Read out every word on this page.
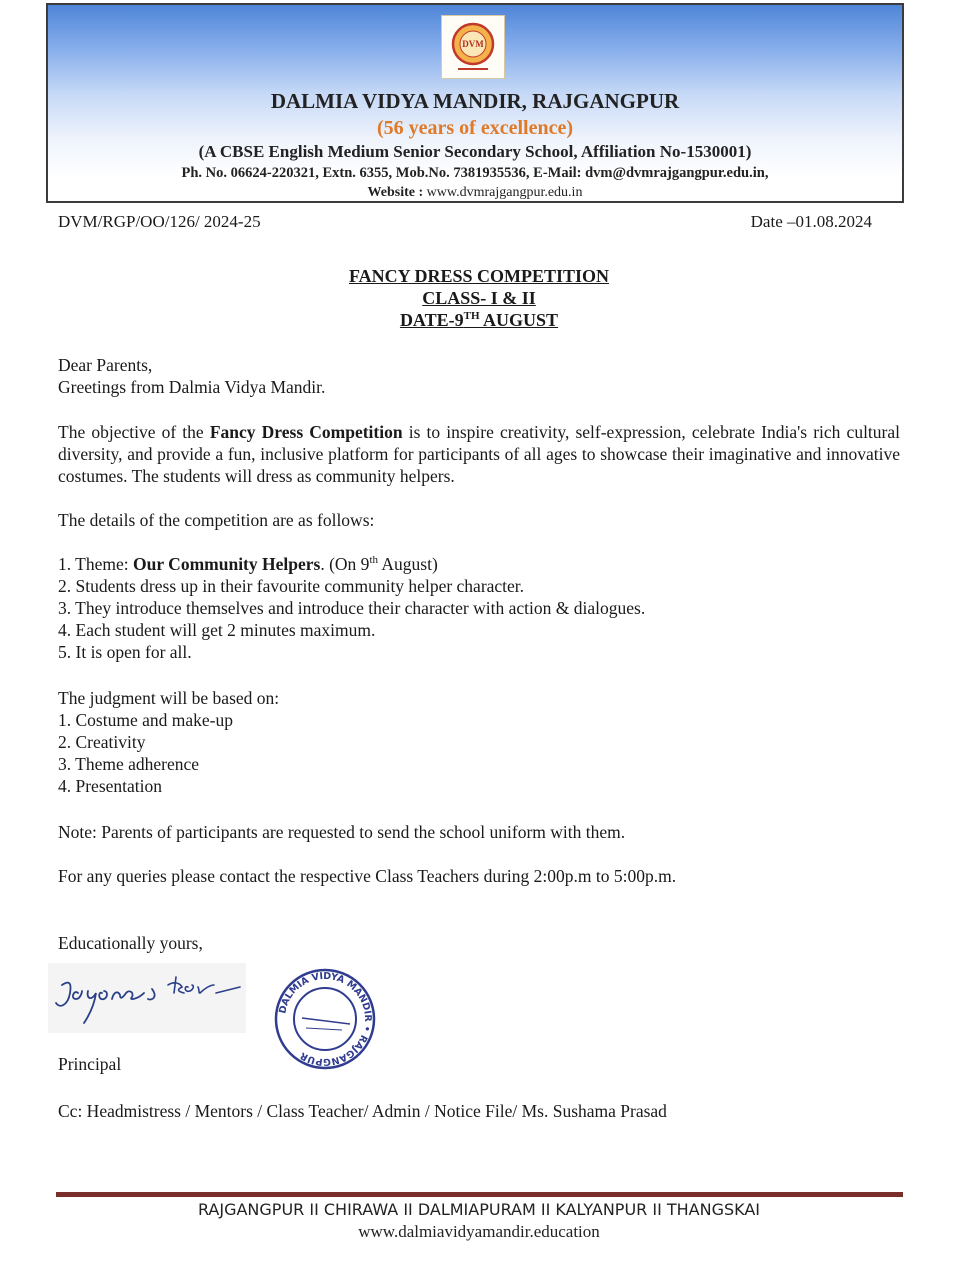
DVM
DALMIA VIDYA MANDIR, RAJGANGPUR
(56 years of excellence)
(A CBSE English Medium Senior Secondary School, Affiliation No-1530001)
Ph. No. 06624-220321, Extn. 6355, Mob.No. 7381935536, E-Mail: dvm@dvmrajgangpur.edu.in,
Website : www.dvmrajgangpur.edu.in
DVM/RGP/OO/126/ 2024-25	Date –01.08.2024
FANCY DRESS COMPETITION
CLASS- I & II
DATE-9TH AUGUST

Dear Parents,

Greetings from Dalmia Vidya Mandir.

The objective of the Fancy Dress Competition is to inspire creativity, self-expression, celebrate India's rich cultural diversity, and provide a fun, inclusive platform for participants of all ages to showcase their imaginative and innovative costumes. The students will dress as community helpers.

The details of the competition are as follows:

1. Theme: Our Community Helpers. (On 9th August)

2. Students dress up in their favourite community helper character.

3. They introduce themselves and introduce their character with action & dialogues.

4. Each student will get 2 minutes maximum.

5. It is open for all.

The judgment will be based on:

1. Costume and make-up

2. Creativity

3. Theme adherence

4. Presentation

Note: Parents of participants are requested to send the school uniform with them.
For any queries please contact the respective Class Teachers during 2:00p.m to 5:00p.m.
Educationally yours,
DALMIA VIDYA MANDIR • RAJGANGPUR
Principal
Cc: Headmistress / Mentors / Class Teacher/ Admin / Notice File/ Ms. Sushama Prasad
RAJGANGPUR II CHIRAWA II DALMIAPURAM II KALYANPUR II THANGSKAI
www.dalmiavidyamandir.education
